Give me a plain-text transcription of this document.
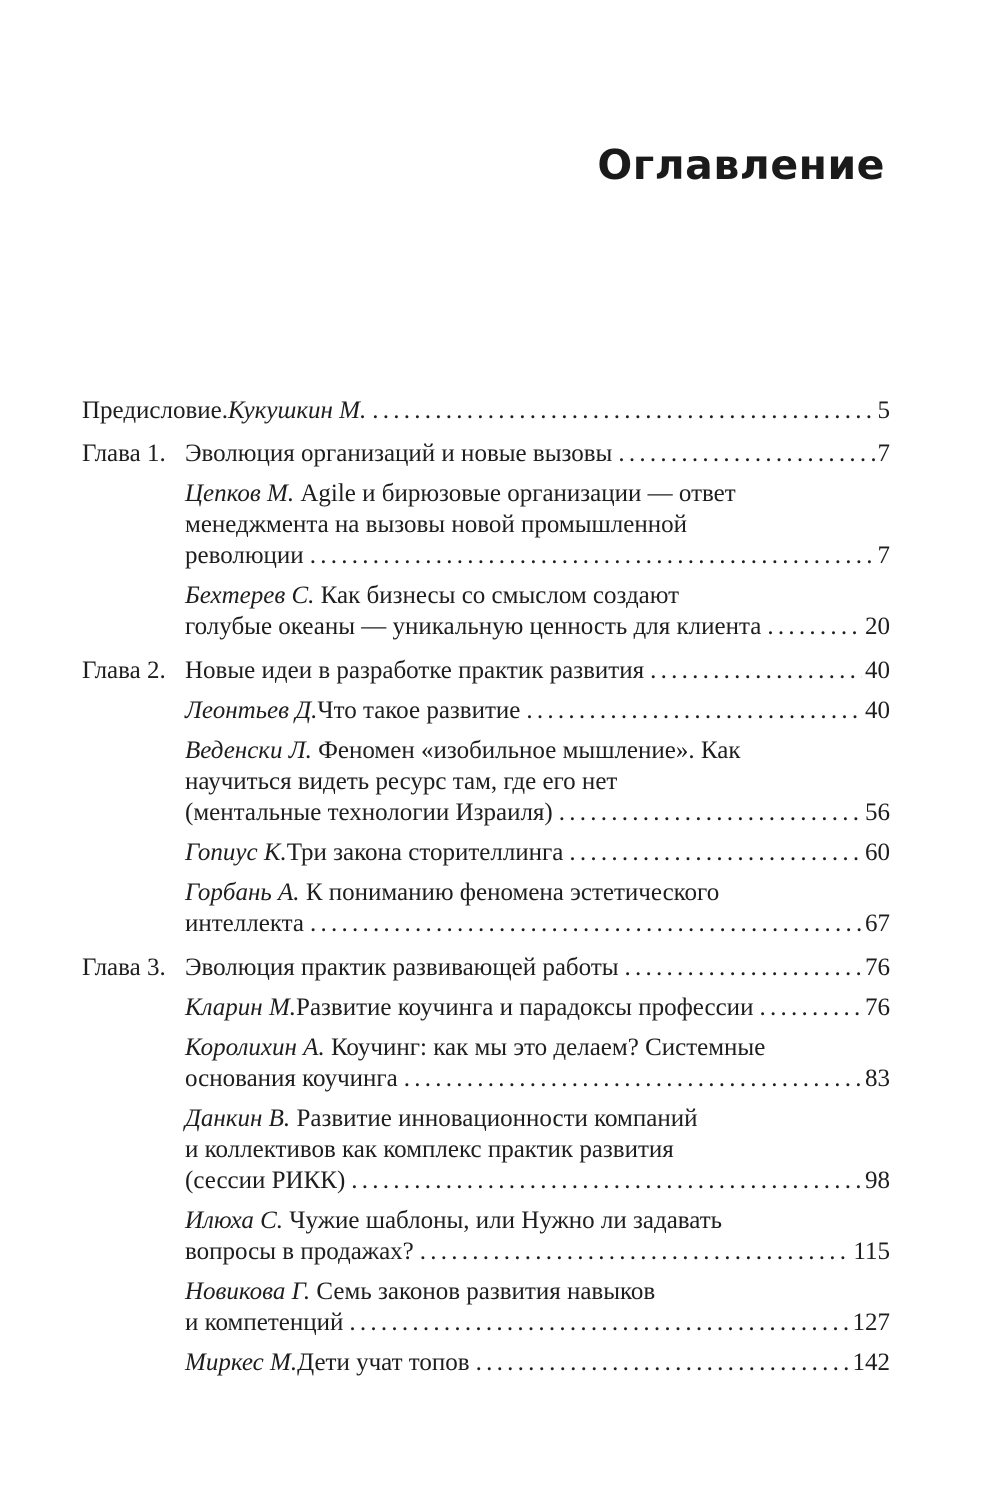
Оглавление
Предисловие. Кукушкин М. . . .	5
Глава 1. Эволюция организаций и новые вызовы . . .	7
Цепков М. Agile и бирюзовые организации — ответ
менеджмента на вызовы новой промышленной
революции . . .	7
Бехтерев С. Как бизнесы со смыслом создают
голубые океаны — уникальную ценность для клиента . . .	20
Глава 2. Новые идеи в разработке практик развития . . .	40
Леонтьев Д. Что такое развитие . . .	40
Веденски Л. Феномен «изобильное мышление». Как
научиться видеть ресурс там, где его нет
(ментальные технологии Израиля) . . .	56
Гопиус К. Три закона сторителлинга . . .	60
Горбань А. К пониманию феномена эстетического
интеллекта . . .	67
Глава 3. Эволюция практик развивающей работы . . .	76
Кларин М. Развитие коучинга и парадоксы профессии . . .	76
Королихин А. Коучинг: как мы это делаем? Системные
основания коучинга . . .	83
Данкин В. Развитие инновационности компаний
и коллективов как комплекс практик развития
(сессии РИКК) . . .	98
Илюха С. Чужие шаблоны, или Нужно ли задавать
вопросы в продажах? . . .	115
Новикова Г. Семь законов развития навыков
и компетенций . . .	127
Миркес М. Дети учат топов . . .	142
